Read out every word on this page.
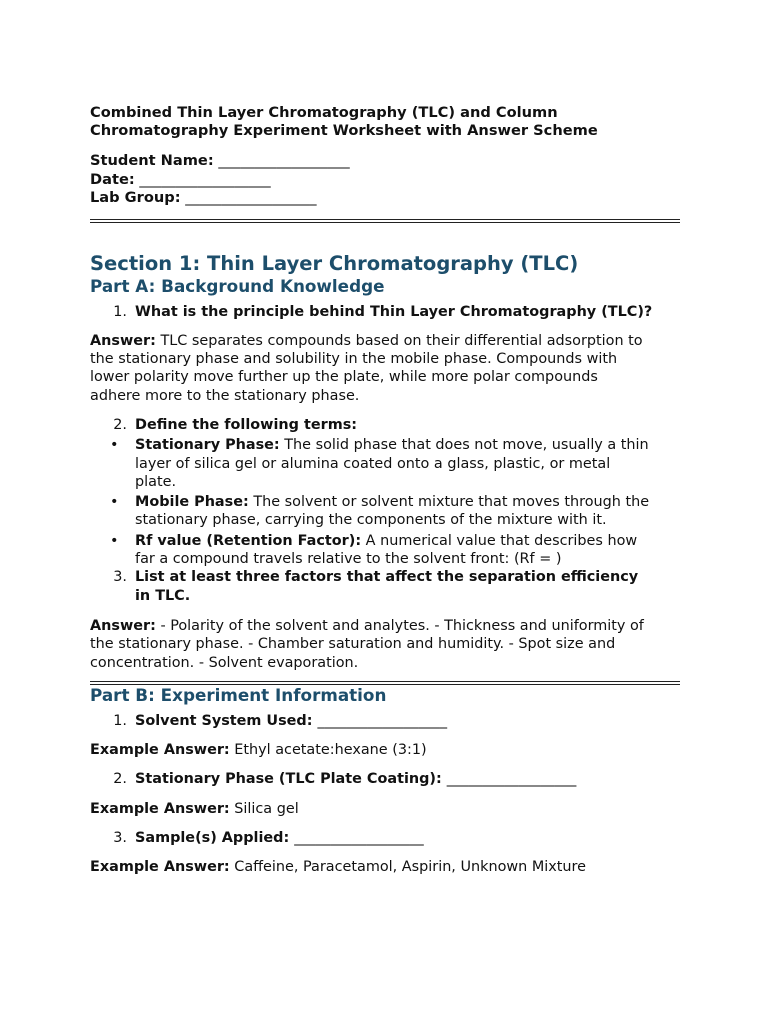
Combined Thin Layer Chromatography (TLC) and Column
Chromatography Experiment Worksheet with Answer Scheme
Student Name: __________________
Date: __________________
Lab Group: __________________
Section 1: Thin Layer Chromatography (TLC)
Part A: Background Knowledge
1. What is the principle behind Thin Layer Chromatography (TLC)?
Answer: TLC separates compounds based on their differential adsorption to
the stationary phase and solubility in the mobile phase. Compounds with
lower polarity move further up the plate, while more polar compounds
adhere more to the stationary phase.
2. Define the following terms:
•	Stationary Phase: The solid phase that does not move, usually a thin
layer of silica gel or alumina coated onto a glass, plastic, or metal
plate.
•	Mobile Phase: The solvent or solvent mixture that moves through the
stationary phase, carrying the components of the mixture with it.
•	Rf value (Retention Factor): A numerical value that describes how
far a compound travels relative to the solvent front: (Rf = )
3. List at least three factors that affect the separation efficiency
in TLC.
Answer: - Polarity of the solvent and analytes. - Thickness and uniformity of
the stationary phase. - Chamber saturation and humidity. - Spot size and
concentration. - Solvent evaporation.
Part B: Experiment Information
1. Solvent System Used: __________________
Example Answer: Ethyl acetate:hexane (3:1)
2. Stationary Phase (TLC Plate Coating): __________________
Example Answer: Silica gel
3. Sample(s) Applied: __________________
Example Answer: Caffeine, Paracetamol, Aspirin, Unknown Mixture
